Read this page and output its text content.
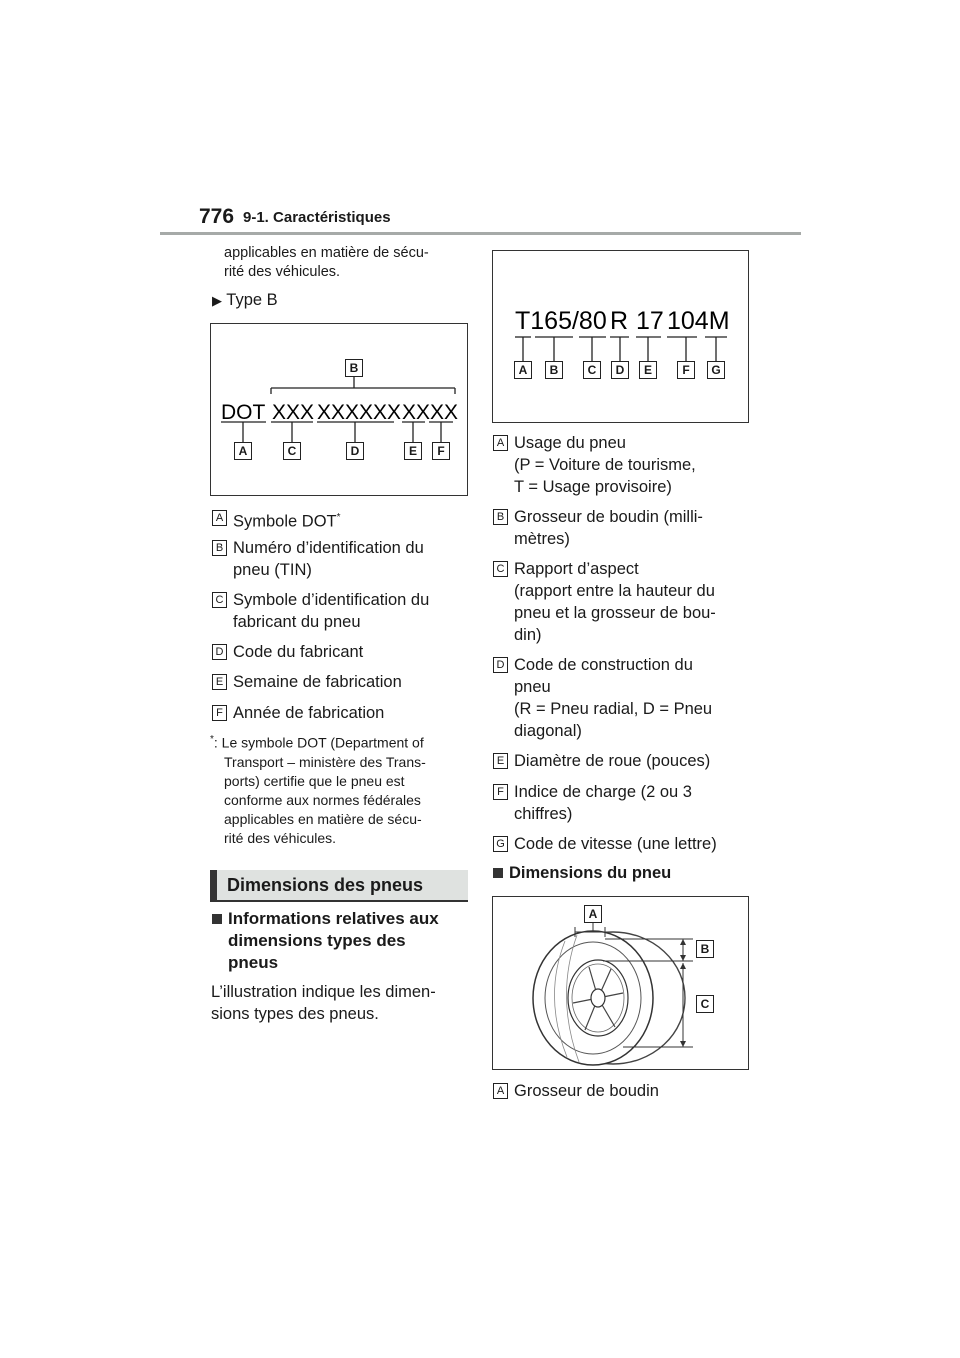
776 9-1. Caractéristiques
applicables en matière de sécu-
rité des véhicules.
▶ Type B
DOT XXX XXXXXX XXXX
B
A	C	D	E	F
A Symbole DOT*
B Numéro d’identification du
pneu (TIN)
C Symbole d’identification du
fabricant du pneu
D Code du fabricant
E Semaine de fabrication
F Année de fabrication
*: Le symbole DOT (Department of
Transport – ministère des Trans-
ports) certifie que le pneu est
conforme aux normes fédérales
applicables en matière de sécu-
rité des véhicules.
Dimensions des pneus
Informations relatives aux
dimensions types des
pneus
L’illustration indique les dimen-
sions types des pneus.
T165/80 R 17 104M
A	B	C	D	E	F	G
A Usage du pneu
(P = Voiture de tourisme,
T = Usage provisoire)
B Grosseur de boudin (milli-
mètres)
C Rapport d’aspect
(rapport entre la hauteur du
pneu et la grosseur de bou-
din)
D Code de construction du
pneu
(R = Pneu radial, D = Pneu
diagonal)
E Diamètre de roue (pouces)
F Indice de charge (2 ou 3
chiffres)
G Code de vitesse (une lettre)
Dimensions du pneu
A
B
C
A Grosseur de boudin
